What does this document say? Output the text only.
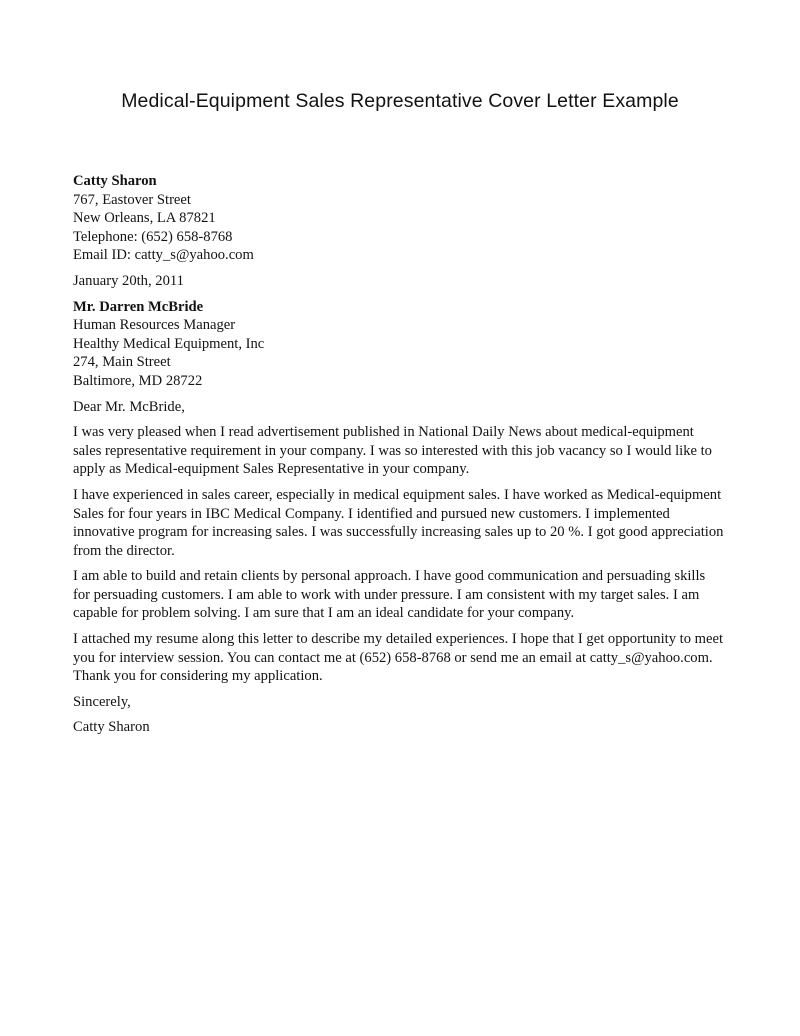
Medical-Equipment Sales Representative Cover Letter Example
Catty Sharon
767, Eastover Street
New Orleans, LA 87821
Telephone: (652) 658-8768
Email ID: catty_s@yahoo.com
January 20th, 2011
Mr. Darren McBride
Human Resources Manager
Healthy Medical Equipment, Inc
274, Main Street
Baltimore, MD 28722
Dear Mr. McBride,

I was very pleased when I read advertisement published in National Daily News about medical-equipment sales representative requirement in your company. I was so interested with this job vacancy so I would like to apply as Medical-equipment Sales Representative in your company.

I have experienced in sales career, especially in medical equipment sales. I have worked as Medical-equipment Sales for four years in IBC Medical Company. I identified and pursued new customers. I implemented innovative program for increasing sales. I was successfully increasing sales up to 20 %. I got good appreciation from the director.

I am able to build and retain clients by personal approach. I have good communication and persuading skills for persuading customers. I am able to work with under pressure. I am consistent with my target sales. I am capable for problem solving. I am sure that I am an ideal candidate for your company.

I attached my resume along this letter to describe my detailed experiences. I hope that I get opportunity to meet you for interview session. You can contact me at (652) 658-8768 or send me an email at catty_s@yahoo.com. Thank you for considering my application.

Sincerely,
Catty Sharon
